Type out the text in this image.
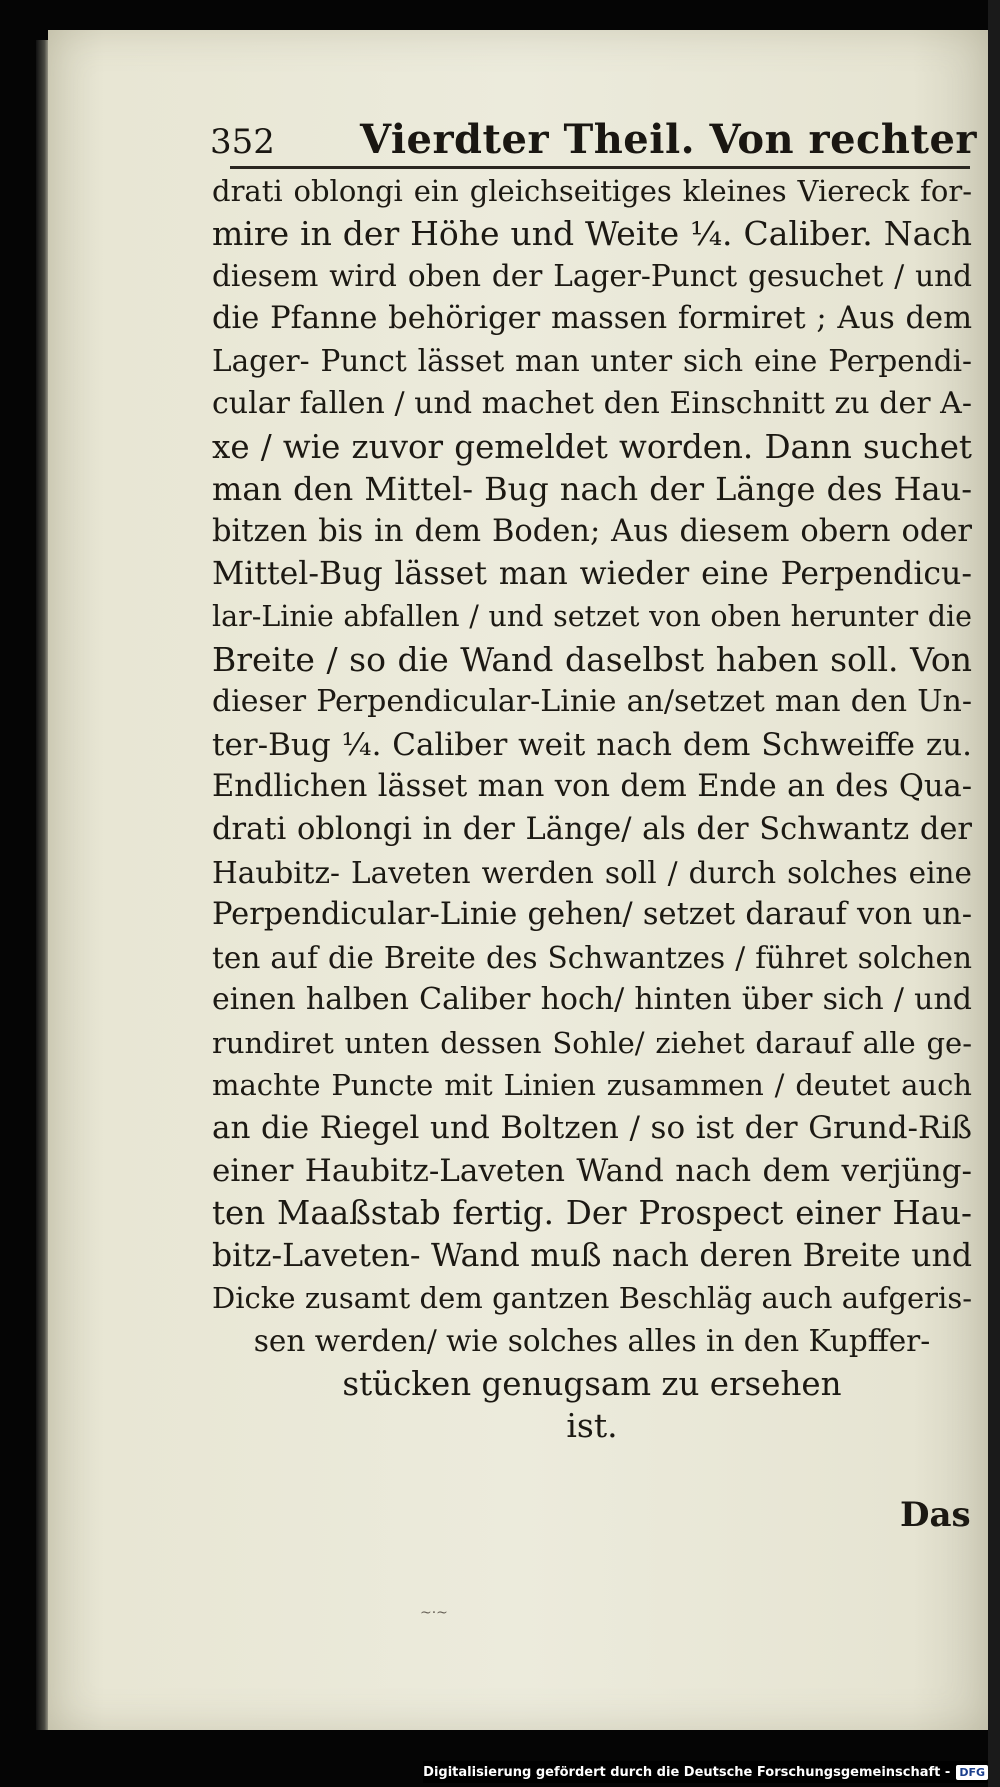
352 Vierdter Theil. Von rechter
drati oblongi ein gleichseitiges kleines Viereck for-
mire in der Höhe und Weite ¼. Caliber. Nach
diesem wird oben der Lager-Punct gesuchet / und
die Pfanne behöriger massen formiret ; Aus dem
Lager- Punct lässet man unter sich eine Perpendi-
cular fallen / und machet den Einschnitt zu der A-
xe / wie zuvor gemeldet worden. Dann suchet
man den Mittel- Bug nach der Länge des Hau-
bitzen bis in dem Boden; Aus diesem obern oder
Mittel-Bug lässet man wieder eine Perpendicu-
lar-Linie abfallen / und setzet von oben herunter die
Breite / so die Wand daselbst haben soll. Von
dieser Perpendicular-Linie an/setzet man den Un-
ter-Bug ¼. Caliber weit nach dem Schweiffe zu.
Endlichen lässet man von dem Ende an des Qua-
drati oblongi in der Länge/ als der Schwantz der
Haubitz- Laveten werden soll / durch solches eine
Perpendicular-Linie gehen/ setzet darauf von un-
ten auf die Breite des Schwantzes / führet solchen
einen halben Caliber hoch/ hinten über sich / und
rundiret unten dessen Sohle/ ziehet darauf alle ge-
machte Puncte mit Linien zusammen / deutet auch
an die Riegel und Boltzen / so ist der Grund-Riß
einer Haubitz-Laveten Wand nach dem verjüng-
ten Maaßstab fertig. Der Prospect einer Hau-
bitz-Laveten- Wand muß nach deren Breite und
Dicke zusamt dem gantzen Beschläg auch aufgeris-
sen werden/ wie solches alles in den Kupffer-
stücken genugsam zu ersehen
ist.
Das
~·~
Digitalisierung gefördert durch die Deutsche Forschungsgemeinschaft - DFG
